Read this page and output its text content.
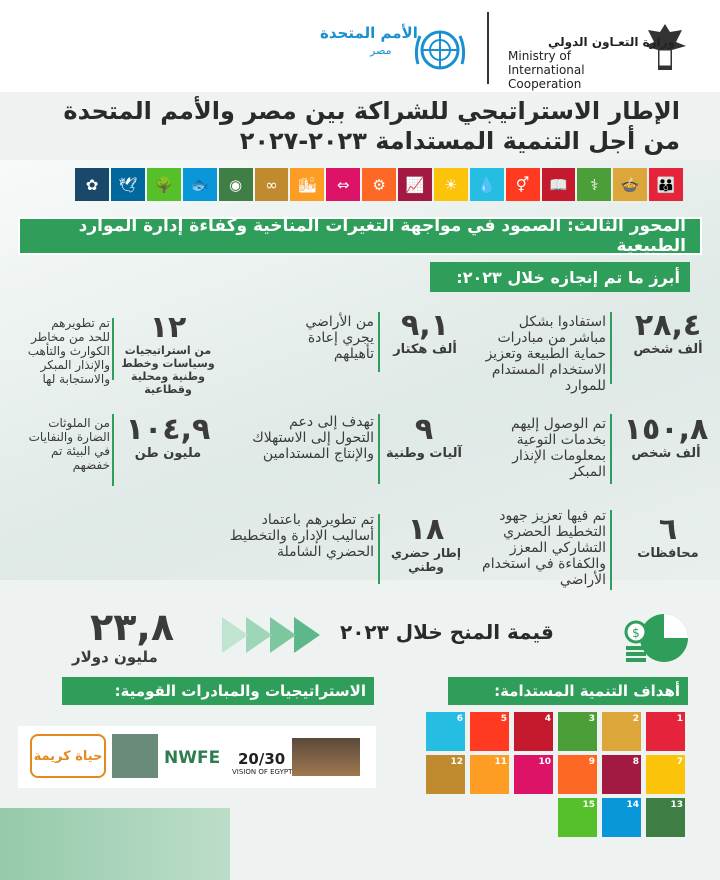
وزارة التعـاون الدولي
Ministry of International Cooperation
الأمم المتحدة
مصر
الإطار الاستراتيجي للشراكة بين مصر والأمم المتحدة
من أجل التنمية المستدامة ٢٠٢٣-٢٠٢٧
👪
🍲
⚕
📖
⚥
💧
☀
📈
⚙
⇔
🏙
∞
◉
🐟
🌳
🕊
✿
المحور الثالث: الصمود في مواجهة التغيرات المناخية وكفاءة إدارة الموارد الطبيعية
أبرز ما تم إنجازه خلال ٢٠٢٣:
٢٨,٤
ألف شخص
استفادوا بشكل مباشر من مبادرات حماية الطبيعة وتعزيز الاستخدام المستدام للموارد
٩,١
ألف هكتار
من الأراضي يجري إعادة تأهيلهم
١٢
من استراتيجيات وسياسات وخطط وطنية ومحلية وقطاعية
تم تطويرهم للحد من مخاطر الكوارث والتأهب والإنذار المبكر والاستجابة لها
١٥٠,٨
ألف شخص
تم الوصول إليهم بخدمات التوعية بمعلومات الإنذار المبكر
٩
آليات وطنية
تهدف إلى دعم التحول إلى الاستهلاك والإنتاج المستدامين
١٠٤,٩
مليون طن
من الملوثات الضارة والنفايات في البيئة تم خفضهم
٦
محافظات
تم فيها تعزيز جهود التخطيط الحضري التشاركي المعزز والكفاءة في استخدام الأراضي
١٨
إطار حضري وطني
تم تطويرهم باعتماد أساليب الإدارة والتخطيط الحضري الشاملة
قيمة المنح خلال ٢٠٢٣	$
٢٣,٨
مليون دولار
الاستراتيجيات والمبادرات القومية:	أهداف التنمية المستدامة:
حياة كريمة	NWFE 20/30
VISION OF EGYPT
1
2
3
4
5
6
7
8
9
10
11
12
13
14
15
